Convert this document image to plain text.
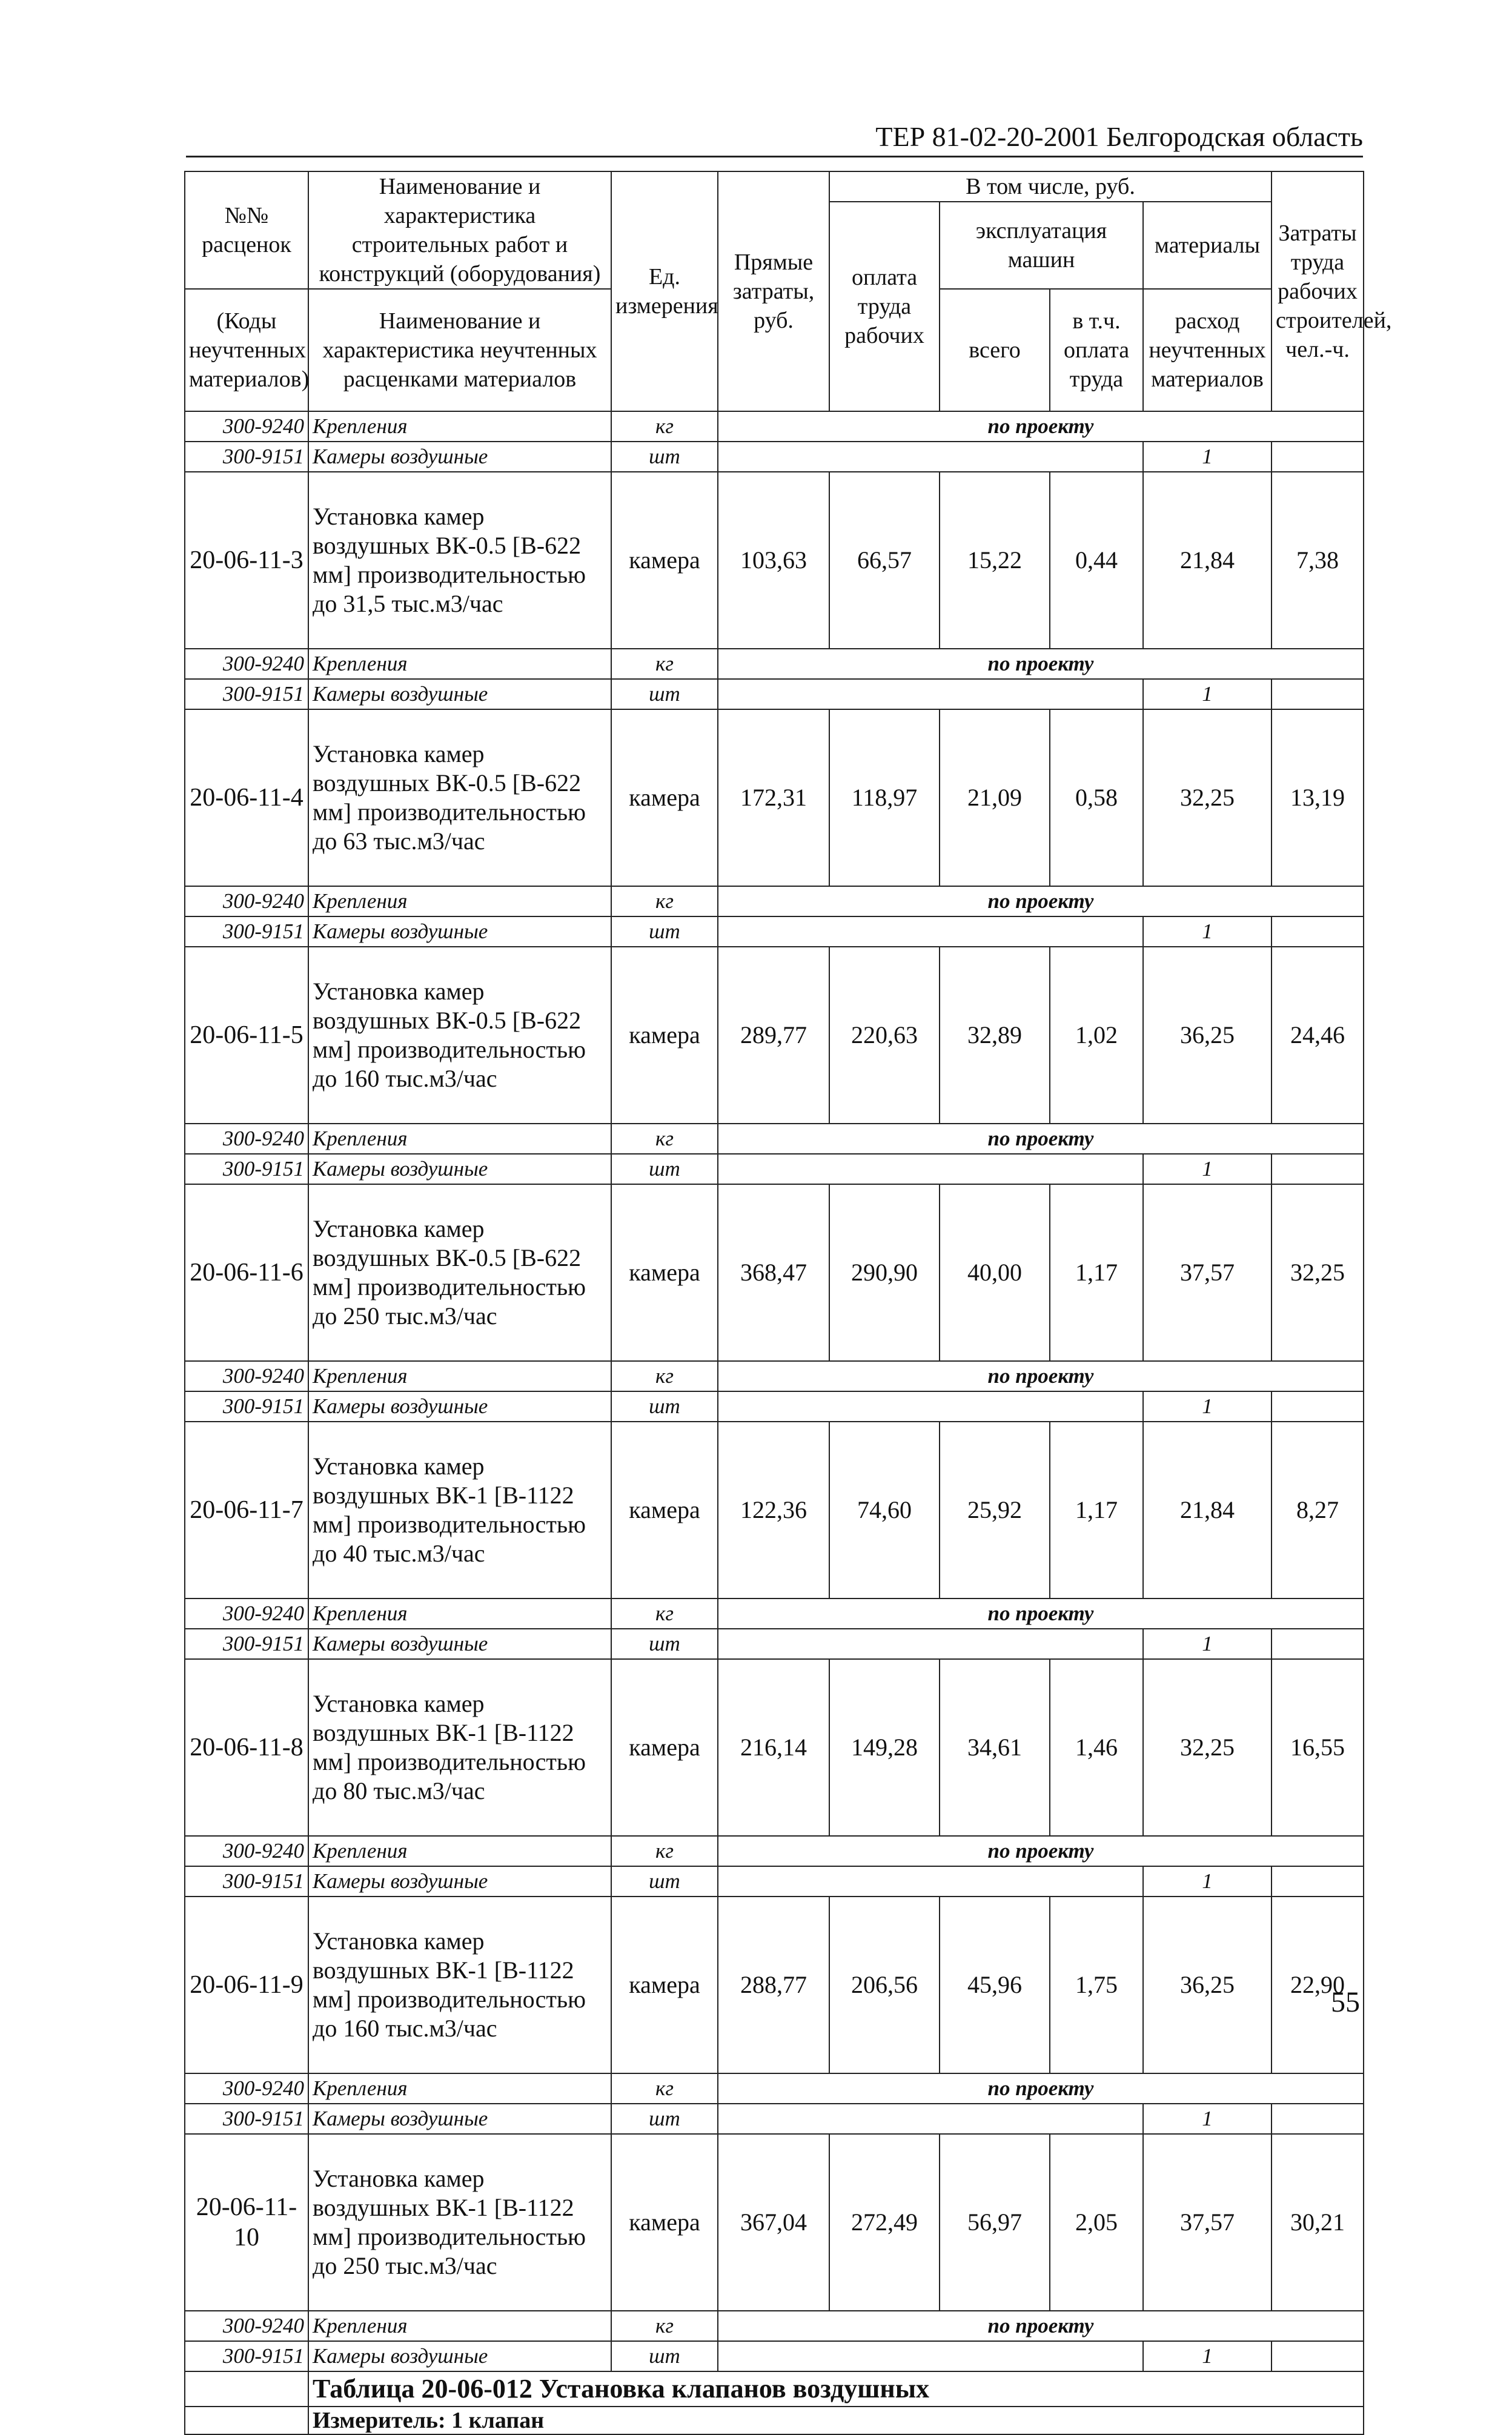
ТЕР 81-02-20-2001 Белгородская область
№№ расценок	Наименование и характеристика строительных работ и конструкций (оборудования)	Ед. измерения	Прямые затраты, руб.	В том числе, руб.				Затраты труда рабочих строителей, чел.-ч.
				оплата труда рабочих	эксплуатация машин		материалы	
(Коды неучтенных материалов)	Наименование и характеристика неучтенных расценками материалов				всего	в т.ч. оплата труда	расход неучтенных материалов	
300-9240	Крепления	кг	по проекту					
300-9151	Камеры воздушные	шт					1	
20-06-11-3	Установка камер воздушных ВК-0.5 [В-622 мм] производительностью до 31,5 тыс.м3/час	камера	103,63	66,57	15,22	0,44	21,84	7,38
300-9240	Крепления	кг	по проекту					
300-9151	Камеры воздушные	шт					1	
20-06-11-4	Установка камер воздушных ВК-0.5 [В-622 мм] производительностью до 63 тыс.м3/час	камера	172,31	118,97	21,09	0,58	32,25	13,19
300-9240	Крепления	кг	по проекту					
300-9151	Камеры воздушные	шт					1	
20-06-11-5	Установка камер воздушных ВК-0.5 [В-622 мм] производительностью до 160 тыс.м3/час	камера	289,77	220,63	32,89	1,02	36,25	24,46
300-9240	Крепления	кг	по проекту					
300-9151	Камеры воздушные	шт					1	
20-06-11-6	Установка камер воздушных ВК-0.5 [В-622 мм] производительностью до 250 тыс.м3/час	камера	368,47	290,90	40,00	1,17	37,57	32,25
300-9240	Крепления	кг	по проекту					
300-9151	Камеры воздушные	шт					1	
20-06-11-7	Установка камер воздушных ВК-1 [В-1122 мм] производительностью до 40 тыс.м3/час	камера	122,36	74,60	25,92	1,17	21,84	8,27
300-9240	Крепления	кг	по проекту					
300-9151	Камеры воздушные	шт					1	
20-06-11-8	Установка камер воздушных ВК-1 [В-1122 мм] производительностью до 80 тыс.м3/час	камера	216,14	149,28	34,61	1,46	32,25	16,55
300-9240	Крепления	кг	по проекту					
300-9151	Камеры воздушные	шт					1	
20-06-11-9	Установка камер воздушных ВК-1 [В-1122 мм] производительностью до 160 тыс.м3/час	камера	288,77	206,56	45,96	1,75	36,25	22,90
300-9240	Крепления	кг	по проекту					
300-9151	Камеры воздушные	шт					1	
20-06-11-10	Установка камер воздушных ВК-1 [В-1122 мм] производительностью до 250 тыс.м3/час	камера	367,04	272,49	56,97	2,05	37,57	30,21
300-9240	Крепления	кг	по проекту					
300-9151	Камеры воздушные	шт					1	
	Таблица 20-06-012 Установка клапанов воздушных							
	Измеритель: 1 клапан							
55
